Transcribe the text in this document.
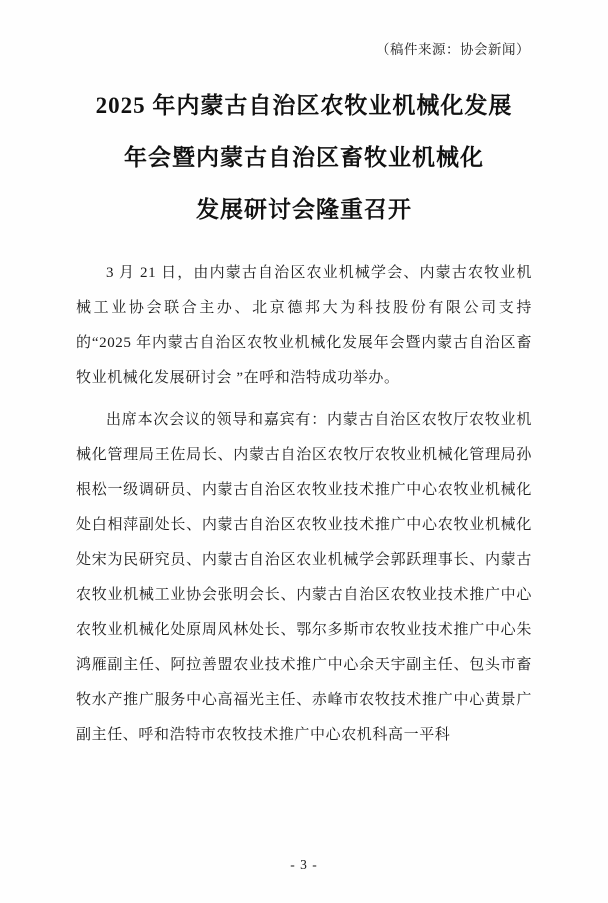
（稿件来源：协会新闻）
2025 年内蒙古自治区农牧业机械化发展
年会暨内蒙古自治区畜牧业机械化
发展研讨会隆重召开

3 月 21 日，由内蒙古自治区农业机械学会、内蒙古农牧业机械工业协会联合主办、北京德邦大为科技股份有限公司支持的“2025 年内蒙古自治区农牧业机械化发展年会暨内蒙古自治区畜牧业机械化发展研讨会 ”在呼和浩特成功举办。

出席本次会议的领导和嘉宾有：内蒙古自治区农牧厅农牧业机械化管理局王佐局长、内蒙古自治区农牧厅农牧业机械化管理局孙根松一级调研员、内蒙古自治区农牧业技术推广中心农牧业机械化处白相萍副处长、内蒙古自治区农牧业技术推广中心农牧业机械化处宋为民研究员、内蒙古自治区农业机械学会郭跃理事长、内蒙古农牧业机械工业协会张明会长、内蒙古自治区农牧业技术推广中心农牧业机械化处原周风林处长、鄂尔多斯市农牧业技术推广中心朱鸿雁副主任、阿拉善盟农业技术推广中心余天宇副主任、包头市畜牧水产推广服务中心高福光主任、赤峰市农牧技术推广中心黄景广副主任、呼和浩特市农牧技术推广中心农机科高一平科

- 3 -
